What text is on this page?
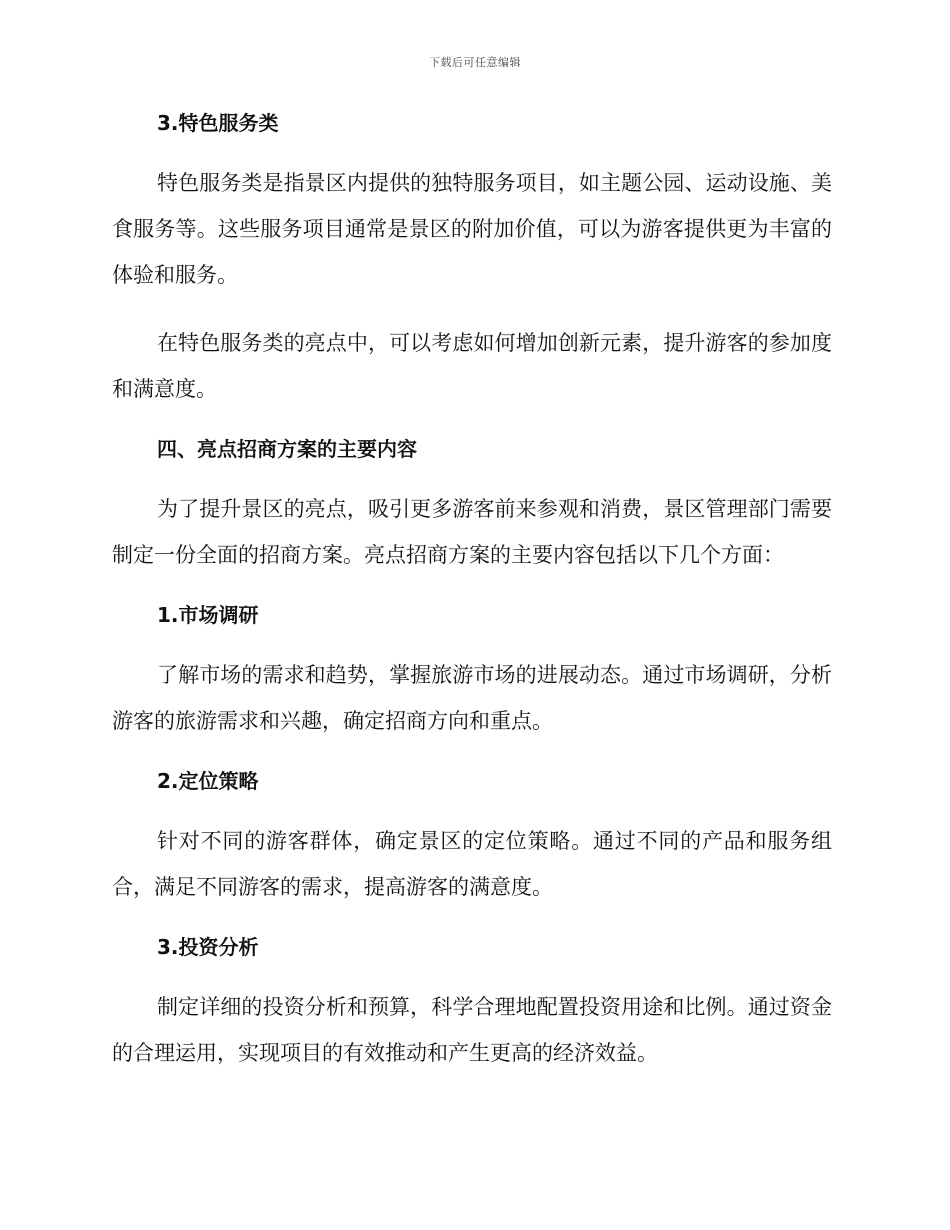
下载后可任意编辑
3.特色服务类

特色服务类是指景区内提供的独特服务项目，如主题公园、运动设施、美食服务等。这些服务项目通常是景区的附加价值，可以为游客提供更为丰富的体验和服务。

在特色服务类的亮点中，可以考虑如何增加创新元素，提升游客的参加度和满意度。

四、亮点招商方案的主要内容

为了提升景区的亮点，吸引更多游客前来参观和消费，景区管理部门需要制定一份全面的招商方案。亮点招商方案的主要内容包括以下几个方面：

1.市场调研

了解市场的需求和趋势，掌握旅游市场的进展动态。通过市场调研，分析游客的旅游需求和兴趣，确定招商方向和重点。

2.定位策略

针对不同的游客群体，确定景区的定位策略。通过不同的产品和服务组合，满足不同游客的需求，提高游客的满意度。

3.投资分析

制定详细的投资分析和预算，科学合理地配置投资用途和比例。通过资金的合理运用，实现项目的有效推动和产生更高的经济效益。
